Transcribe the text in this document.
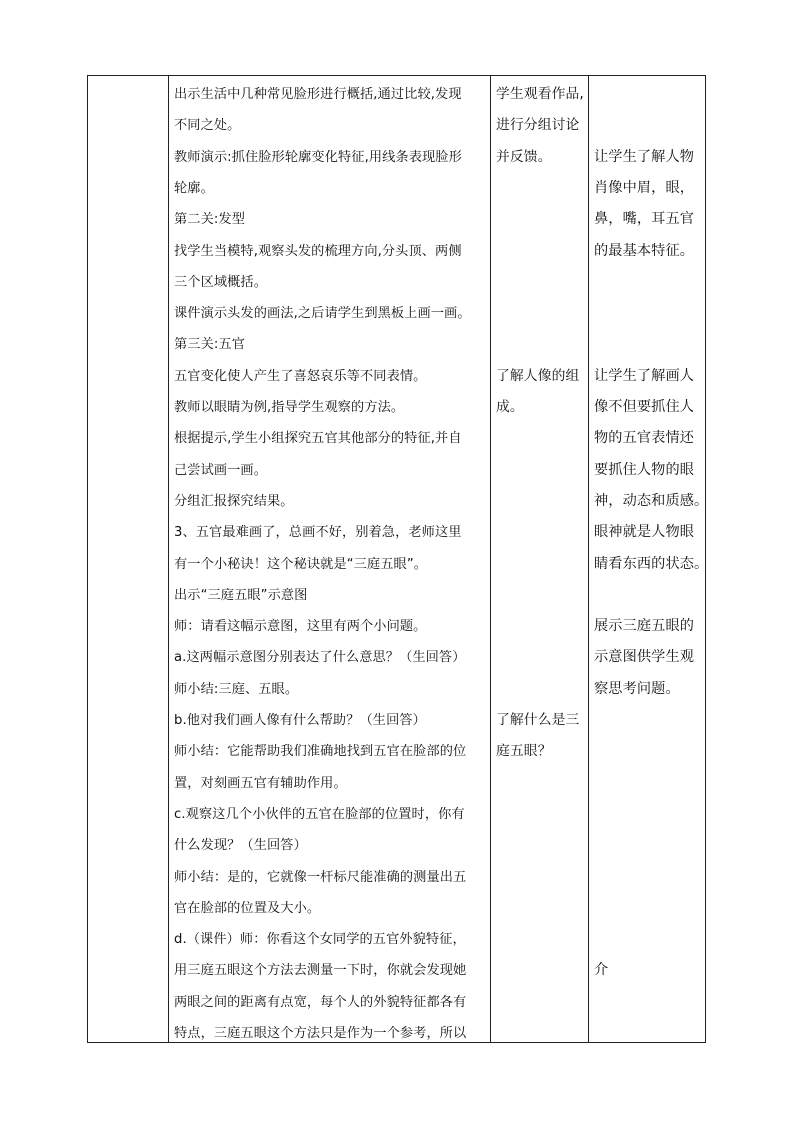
出示生活中几种常见脸形进行概括,通过比较,发现
不同之处。
教师演示:抓住脸形轮廓变化特征,用线条表现脸形
轮廓。
第二关:发型
找学生当模特,观察头发的梳理方向,分头顶、两侧
三个区域概括。
课件演示头发的画法,之后请学生到黑板上画一画。
第三关:五官
五官变化使人产生了喜怒哀乐等不同表情。
教师以眼睛为例,指导学生观察的方法。
根据提示,学生小组探究五官其他部分的特征,并自
己尝试画一画。
分组汇报探究结果。
3、五官最难画了，总画不好，别着急，老师这里
有一个小秘诀！这个秘诀就是“三庭五眼”。
出示“三庭五眼”示意图
师：请看这幅示意图，这里有两个小问题。
a.这两幅示意图分别表达了什么意思？（生回答）
师小结:三庭、五眼。
b.他对我们画人像有什么帮助？（生回答）
师小结：它能帮助我们准确地找到五官在脸部的位
置，对刻画五官有辅助作用。
c.观察这几个小伙伴的五官在脸部的位置时，你有
什么发现？（生回答）
师小结：是的，它就像一杆标尺能准确的测量出五
官在脸部的位置及大小。
d.（课件）师：你看这个女同学的五官外貌特征，
用三庭五眼这个方法去测量一下时，你就会发现她
两眼之间的距离有点宽，每个人的外貌特征都各有
特点，三庭五眼这个方法只是作为一个参考，所以
学生观看作品,
进行分组讨论
并反馈。
了解人像的组
成。
了解什么是三
庭五眼？
让学生了解人物
肖像中眉，眼，
鼻，嘴，耳五官
的最基本特征。
让学生了解画人
像不但要抓住人
物的五官表情还
要抓住人物的眼
神，动态和质感。
眼神就是人物眼
睛看东西的状态。
展示三庭五眼的
示意图供学生观
察思考问题。
介
